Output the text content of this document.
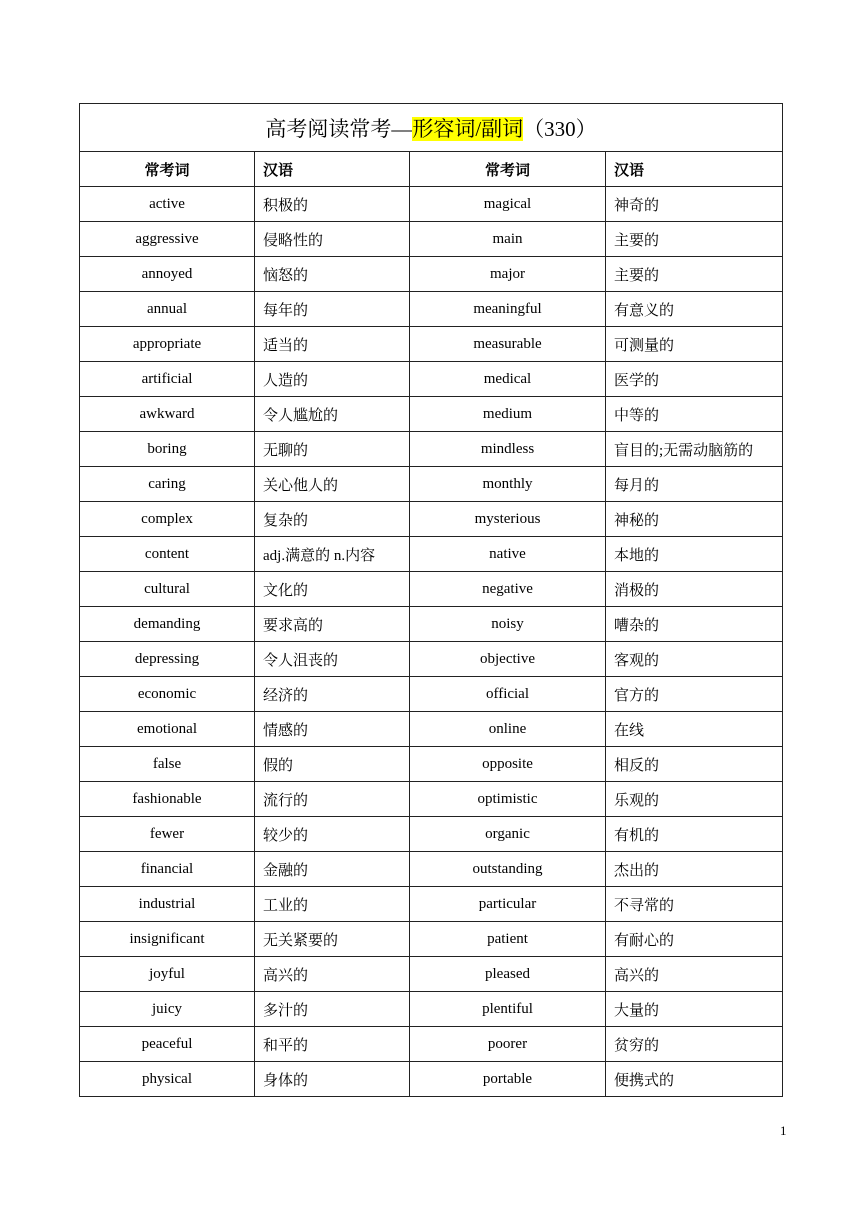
高考阅读常考—形容词/副词（330）			
常考词	汉语	常考词	汉语
active	积极的	magical	神奇的
aggressive	侵略性的	main	主要的
annoyed	恼怒的	major	主要的
annual	每年的	meaningful	有意义的
appropriate	适当的	measurable	可测量的
artificial	人造的	medical	医学的
awkward	令人尴尬的	medium	中等的
boring	无聊的	mindless	盲目的;无需动脑筋的
caring	关心他人的	monthly	每月的
complex	复杂的	mysterious	神秘的
content	adj.满意的 n.内容	native	本地的
cultural	文化的	negative	消极的
demanding	要求高的	noisy	嘈杂的
depressing	令人沮丧的	objective	客观的
economic	经济的	official	官方的
emotional	情感的	online	在线
false	假的	opposite	相反的
fashionable	流行的	optimistic	乐观的
fewer	较少的	organic	有机的
financial	金融的	outstanding	杰出的
industrial	工业的	particular	不寻常的
insignificant	无关紧要的	patient	有耐心的
joyful	高兴的	pleased	高兴的
juicy	多汁的	plentiful	大量的
peaceful	和平的	poorer	贫穷的
physical	身体的	portable	便携式的
1
